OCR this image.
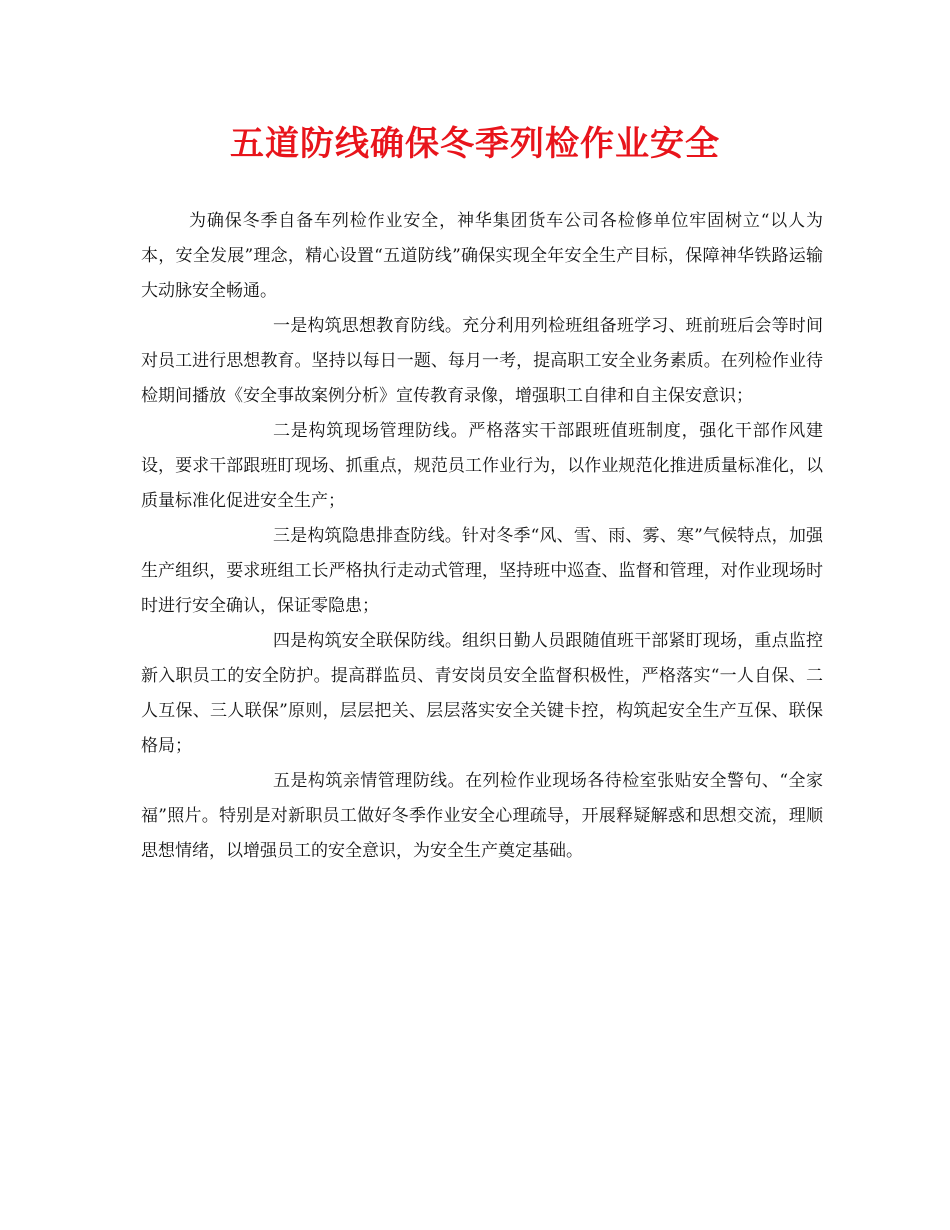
五道防线确保冬季列检作业安全

为确保冬季自备车列检作业安全，神华集团货车公司各检修单位牢固树立“以人为本，安全发展”理念，精心设置“五道防线”确保实现全年安全生产目标，保障神华铁路运输大动脉安全畅通。

一是构筑思想教育防线。充分利用列检班组备班学习、班前班后会等时间对员工进行思想教育。坚持以每日一题、每月一考，提高职工安全业务素质。在列检作业待检期间播放《安全事故案例分析》宣传教育录像，增强职工自律和自主保安意识；

二是构筑现场管理防线。严格落实干部跟班值班制度，强化干部作风建设，要求干部跟班盯现场、抓重点，规范员工作业行为，以作业规范化推进质量标准化，以质量标准化促进安全生产；

三是构筑隐患排查防线。针对冬季“风、雪、雨、雾、寒”气候特点，加强生产组织，要求班组工长严格执行走动式管理，坚持班中巡查、监督和管理，对作业现场时时进行安全确认，保证零隐患；

四是构筑安全联保防线。组织日勤人员跟随值班干部紧盯现场，重点监控新入职员工的安全防护。提高群监员、青安岗员安全监督积极性，严格落实“一人自保、二人互保、三人联保”原则，层层把关、层层落实安全关键卡控，构筑起安全生产互保、联保格局；

五是构筑亲情管理防线。在列检作业现场各待检室张贴安全警句、“全家福”照片。特别是对新职员工做好冬季作业安全心理疏导，开展释疑解惑和思想交流，理顺思想情绪，以增强员工的安全意识，为安全生产奠定基础。
